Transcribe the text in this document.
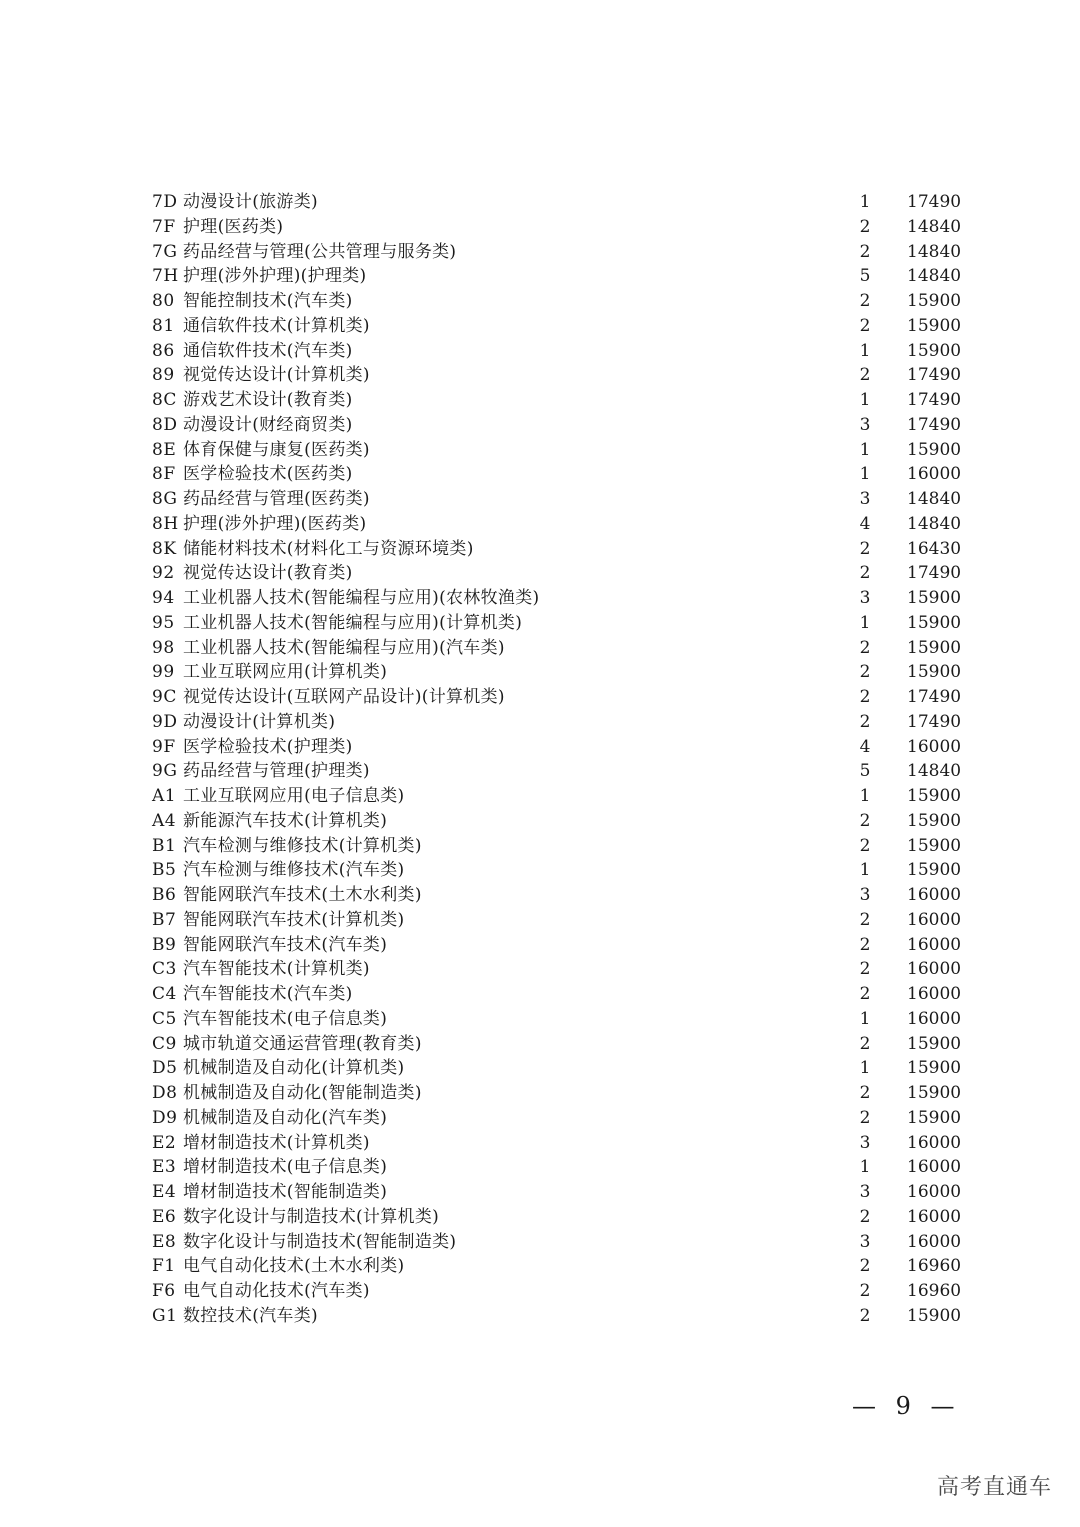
7D 动漫设计(旅游类)	1 17490
7F 护理(医药类)	2 14840
7G 药品经营与管理(公共管理与服务类)	2 14840
7H 护理(涉外护理)(护理类)	5 14840
80 智能控制技术(汽车类)	2 15900
81 通信软件技术(计算机类)	2 15900
86 通信软件技术(汽车类)	1 15900
89 视觉传达设计(计算机类)	2 17490
8C 游戏艺术设计(教育类)	1 17490
8D 动漫设计(财经商贸类)	3 17490
8E 体育保健与康复(医药类)	1 15900
8F 医学检验技术(医药类)	1 16000
8G 药品经营与管理(医药类)	3 14840
8H 护理(涉外护理)(医药类)	4 14840
8K 储能材料技术(材料化工与资源环境类)	2 16430
92 视觉传达设计(教育类)	2 17490
94 工业机器人技术(智能编程与应用)(农林牧渔类)	3 15900
95 工业机器人技术(智能编程与应用)(计算机类)	1 15900
98 工业机器人技术(智能编程与应用)(汽车类)	2 15900
99 工业互联网应用(计算机类)	2 15900
9C 视觉传达设计(互联网产品设计)(计算机类)	2 17490
9D 动漫设计(计算机类)	2 17490
9F 医学检验技术(护理类)	4 16000
9G 药品经营与管理(护理类)	5 14840
A1 工业互联网应用(电子信息类)	1 15900
A4 新能源汽车技术(计算机类)	2 15900
B1 汽车检测与维修技术(计算机类)	2 15900
B5 汽车检测与维修技术(汽车类)	1 15900
B6 智能网联汽车技术(土木水利类)	3 16000
B7 智能网联汽车技术(计算机类)	2 16000
B9 智能网联汽车技术(汽车类)	2 16000
C3 汽车智能技术(计算机类)	2 16000
C4 汽车智能技术(汽车类)	2 16000
C5 汽车智能技术(电子信息类)	1 16000
C9 城市轨道交通运营管理(教育类)	2 15900
D5 机械制造及自动化(计算机类)	1 15900
D8 机械制造及自动化(智能制造类)	2 15900
D9 机械制造及自动化(汽车类)	2 15900
E2 增材制造技术(计算机类)	3 16000
E3 增材制造技术(电子信息类)	1 16000
E4 增材制造技术(智能制造类)	3 16000
E6 数字化设计与制造技术(计算机类)	2 16000
E8 数字化设计与制造技术(智能制造类)	3 16000
F1 电气自动化技术(土木水利类)	2 16960
F6 电气自动化技术(汽车类)	2 16960
G1 数控技术(汽车类)	2 15900
— 9 —
高考直通车
